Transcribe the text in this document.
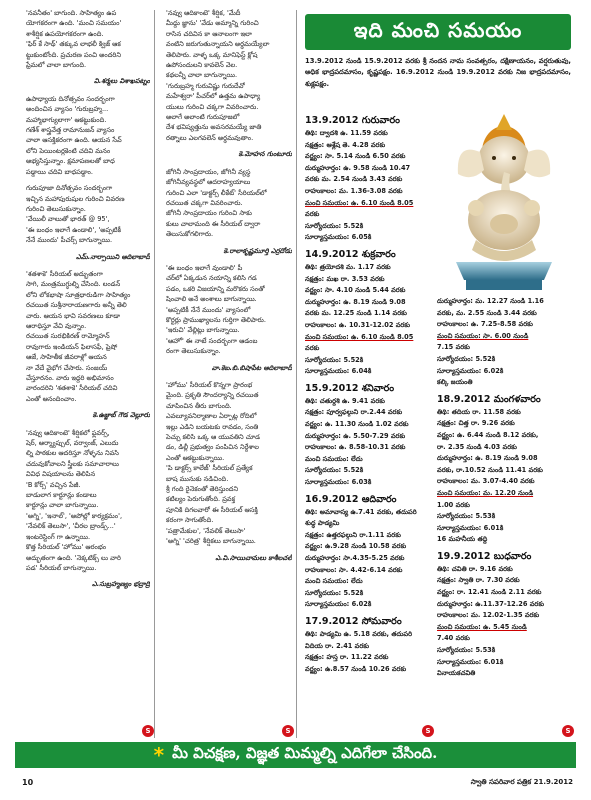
'నవనీతం' బాగుంది. సాహిత్యం ఉప
యోగకరంగా ఉంది. 'మంచి సమయం'
శాశీర్షిక ఉపయోగకరంగా ఉంది.
'ఫిర్ కే సాథ్' తక్కువ లాభలీ క్విజ్ ఆక
ట్టుకుంటోంది. ప్రచురణ పంచి అందరిని
ఫ్రేమలో చాలా బాగుంది.
వి.శర్మలు విశాఖపట్నం
ఉపాధ్యాయ దినోత్సవం సందర్భంగా
అందించిన వ్యాసం 'గురుబ్రహ్మ...
మహ్మాభాగ్యులాగా' ఆకట్టుకుంది.
గణేశ్ శాస్త్రవేత్త రామానుజన్ వ్యాసం
చాలా ఆసక్తికరంగా ఉంది. ఆయన సేవ్
లోని పెయింటర్లకెంటి చదివి మనం
అభ్యసిస్తున్నాం. క్షమాపణలతో బాధ
పడ్డాయి చదివి బాధపడ్డాం.
గురుపూజా దినోత్సవం సందర్భంగా
ఇచ్చిన మహాపురుషుల గురించి వివరణ
గురించి తెలుసుకున్నాం.
'వేయిలీ వాలుతో భారత్ @ 95',
'ఈ బంధం ఇలాగే ఉండాలి', 'అప్పటికీ
నేనే ముందు' పీచర్స్ బాగున్నాయి.
ఎమ్.నార్సాయిని ఆదిలాబాద్
'శతశాకె' సీరియల్ అద్భుతంగా
సాగి, మంత్రముగ్ధుల్ని చేసింది. లండన్
లోని లోకభాషా సూత్రధారుడిగా సాహిత్యం
రచయిత సుశ్రీనారాయణగారు అన్నీ తెలి
చారు. ఆయన భావి సవరణలు కూడా
ఆరాధిస్తూ వేచి వున్నాం.
రచయిత సురభికిరణ్ రామ్మోహన్
రావుగారు ఇండియన్ ఫిలాసఫీ, ఫ్రెషో
ఆజే, సాహితీక జీవరాళ్లో ఆయన
నా వేదే వైభోగ చేసారు. సంజయ్
చేస్తూరనం. వారు ఇద్దరి అభిమానం
వారందరిని 'శతశాకె' సీరియల్ చదివి
ఎంతో ఆనందించాం.
కె.ఉజ్జాబ్ గౌడ వెల్లూరు
'నవ్వు ఆదికాంటె' శీర్షికలో ఫ్లవర్స్,
షెర్, ఆర్మ్యాప్సుల్, వర్వాంజ్, ఎలుదు
ల్ని పాఠకుల ఆదరిస్తూ నోళ్ళను నివసి
చదువుకోవాలని స్త్రీలకు సమాచారాలు
వివిధ విషయాలను తెలిపిన
'B కోర్స్' వచ్చిన పేజీ.
బాడులాగ కార్టూన్లు కండాలు
కార్టూన్లు చాలా బాగున్నాయి.
'అగ్ని', 'ఇనాల్', 'అపోల్లో కార్యక్రమం',
'నేవలిక్ తెలుసా', 'చీరల బ్రాండ్స్...'
ఇంటరెస్టింగ్ గా ఉన్నాయి.
కొత్త సీరియల్ 'హోము' ఆరంభం
అద్భుతంగా ఉంది. 'నెక్కటిక్స్ లు వారి
పడ' సీరియల్ బాగున్నాయి.
ఎ.సుబ్రహ్మణ్యం భద్రాద్రి
'నవ్వు ఆదికాంటె' శీర్షిక, 'మేదీ
మీద్దు జ్ఞాను' 'వేడు అమ్మాన్ని గురించి
రాసిన చదివిన కా ఆనాలంగా ఇలా
వంటిని జరుగుతున్నాయని అర్థమయ్యేలా
తెలిపారు. వాళ్ళ ఒక్క మానిఫెస్ట్ క్లోష
ఉపోసందులని కావలెన్ వెల.
కథలన్నీ చాలా బాగున్నాయి.
'గురుబ్రహ్మ గురువిష్ణు గురుదేవో
మహేశ్వరా' పీచర్‌లో ఉత్తమ ఉపాధ్యా
యులు గురించి చక్కగా వివరించారు.
అలాగే అలాంటి గురుపూజలో
దేశ భవిష్యత్తును అవసరమయ్యే జాతి
రత్నాలు ఎలగవలెన్ అర్థమవుతాం.
కె.మోహన గుంటూరు
జోగినీ సాంప్రదాయం, జోగినీ వ్యస్థ
జోగినీవ్యవస్థలో ఆదరాహ్యయాలు
గురించి ఎలా 'డాక్టర్స్ లీకేట్' సీరియల్‌లో
రచయిత చక్కగా వివరించారు.
జోగినీ సాంప్రదాయం గురించి సాకు
కులు చాలామంది ఈ సీరియల్ ద్వారా
తెలుసుకోగలిగారు.
కె.రాలాకృష్ణమూర్తి ఎర్రదోడు
'ఈ బంధం ఇలాగే వుండాలి' పీ
చర్‌లో ఏక్కడున నయాన్ని కలిసి గడ
పడం, ఒకరి విజయాన్ని మరొకరు సంతో
షించాలి అనే అంశాలు బాగున్నాయి.
'అప్పటికీ నేనే ముందు' వ్యాసంలో
కొర్టర్లు ప్రాముఖ్యాలను గుర్తిగా తెలిపారు.
'ఇరుచి' వేల్లిట్లు బాగున్నాయి.
'ఆహో' ఈ నాటే సందర్భంగా ఆడంబ
రంగా తెలుసుకున్నాం.
వా.కెబ.బి.బిషాపేట ఆదిలాబాద్
'హోము' సీరియల్‌ కొన్నగా ప్రారంభ
మైంది. ప్రకృతి సౌందర్యాన్ని రచయిత
చూపించిన తీరు బాగుంది.
ఎవల్యూవనిర్మాణాల ఏర్పాట్ల రోదిలో
ఇల్లు ఎడిని బయటకు రావడం, సంతి
పెచ్చు కలిసి ఒక్క ఆ యువతిని చూడ
డం, డిల్లీ ప్రభుత్వం పంపిచిన నిర్దేశాల
ఎంతో ఆకట్టుకున్నాయి.
'పి డాక్టర్స్ కాలేజ్' సీరియల్ ప్రత్యేక
బాష మునుకు నడిచింది.
శ్రీ గంది రైనెకంతో తెరిస్తుందని
కటిల్యం పెరుగుతోంది. ప్రవక్త
పూనికి దిగలవారో ఈ సీరియల్ ఆసక్తి
కరంగా సాగుతోంది.
'పత్రామేకుల', 'నేవలిక్ తెలుసా'
'అగ్ని' 'చరిత్ర' శీర్షికలు బాగున్నాయి.
ఎ.వి.సాయిచామలు కాశీలచల్
S	S	S	S
ఇది మంచి సమయం
13.9.2012 నుండి 15.9.2012 వరకు శ్రీ నందన నామ సంవత్సరం, దక్షిణాయనం, వర్షరుతువు, అధిక భాద్రపదమాసం, కృష్ణపక్షం. 16.9.2012 నుండి 19.9.2012 వరకు నిజ భాద్రపదమాసం, శుక్లపక్షం.
13.9.2012 గురువారం
తిథి: ద్వాదశి ఉ. 11.59 వరకు
నక్షత్రం: ఆశ్లేష తె. 4.28 వరకు
వర్జ్యం: సా. 5.14 నుండి 6.50 వరకు
దుర్ముహూర్తం: ఉ. 9.58 నుండి 10.47
వరకు మ. 2.54 నుండి 3.43 వరకు
రాహుకాలం: మ. 1.36-3.08 వరకు
మంచి సమయం: ఉ. 6.10 నుండి 8.05
వరకు
సూర్యోదయం: 5.52కి
సూర్యాస్తమయం: 6.05కి
14.9.2012 శుక్రవారం
తిథి: త్రయోదశి మ. 1.17 వరకు
నక్షత్రం: మఖ రా. 3.53 వరకు
వర్జ్యం: సా. 4.10 నుండి 5.44 వరకు
దుర్ముహూర్తం: ఉ. 8.19 నుండి 9.08
వరకు మ. 12.25 నుండి 1.14 వరకు
రాహుకాలం: ఉ. 10.31-12.02 వరకు
మంచి సమయం: ఉ. 6.10 నుండి 8.05
వరకు
సూర్యోదయం: 5.52కి
సూర్యాస్తమయం: 6.04కి
15.9.2012 శనివారం
తిథి: చతుర్దశి ఉ. 9.41 వరకు
నక్షత్రం: పూర్వఫల్గుని రా.2.44 వరకు
వర్జ్యం: ఉ. 11.30 నుండి 1.02 వరకు
దుర్ముహూర్తం: ఉ. 5.50-7.29 వరకు
రాహుకాలం: ఉ. 8.58-10.31 వరకు
మంచి సమయం: లేదు
సూర్యోదయం: 5.52కి
సూర్యాస్తమయం: 6.03కి
16.9.2012 ఆదివారం
తిథి: అమావాస్య ఉ.7.41 వరకు, తదుపరి
శుద్ధ పాడ్యమి
నక్షత్రం: ఉత్తరఫల్గుని రా.1.11 వరకు
వర్జ్యం: ఉ.9.28 నుండి 10.58 వరకు
దుర్ముహూర్తం: సా.4.35-5.25 వరకు
రాహుకాలం: సా. 4.42-6.14 వరకు
మంచి సమయం: లేదు
సూర్యోదయం: 5.52కి
సూర్యాస్తమయం: 6.02కి
17.9.2012 సోమవారం
తిథి: పాడ్యమి ఉ. 5.18 వరకు, తదుపరి
విదియ రా. 2.41 వరకు
నక్షత్రం: హస్త రా. 11.22 వరకు
వర్జ్యం: ఉ.8.57 నుండి 10.26 వరకు
దుర్ముహూర్తం: మ. 12.27 నుండి 1.16
వరకు, మ. 2.55 నుండి 3.44 వరకు
రాహుకాలం: ఉ. 7.25-8.58 వరకు
మంచి సమయం: సా. 6.00 నుండి
7.15 వరకు
సూర్యోదయం: 5.52కి
సూర్యాస్తమయం: 6.02కి
కల్కి జయంతి
18.9.2012 మంగళవారం
తిథి: తదియ రా. 11.58 వరకు
నక్షత్రం: చిత్త రా. 9.26 వరకు
వర్జ్యం: ఉ. 6.44 నుండి 8.12 వరకు,
రా. 2.35 నుండి 4.03 వరకు
దుర్ముహూర్తం: ఉ. 8.19 నుండి 9.08
వరకు, రా.10.52 నుండి 11.41 వరకు
రాహుకాలం: మ. 3.07-4.40 వరకు
మంచి సమయం: మ. 12.20 నుండి
1.00 వరకు
సూర్యోదయం: 5.53కి
సూర్యాస్తమయం: 6.01కి
16 మహనీయ తద్ది
19.9.2012 బుధవారం
తిథి: చవితి రా. 9.16 వరకు
నక్షత్రం: స్వాతి రా. 7.30 వరకు
వర్జ్యం: రా. 12.41 నుండి 2.11 వరకు
దుర్ముహూర్తం: ఉ.11.37-12.26 వరకు
రాహుకాలం: మ. 12.02-1.35 వరకు
మంచి సమయం: ఉ. 5.45 నుండి
7.40 వరకు
సూర్యోదయం: 5.53కి
సూర్యాస్తమయం: 6.01కి
వినాయకచవితి
* మీ విచక్షణ, విజ్ఞత మిమ్మల్ని ఎదిగేలా చేసింది.
10	స్వాతి సపరివార పత్రిక 21.9.2012
